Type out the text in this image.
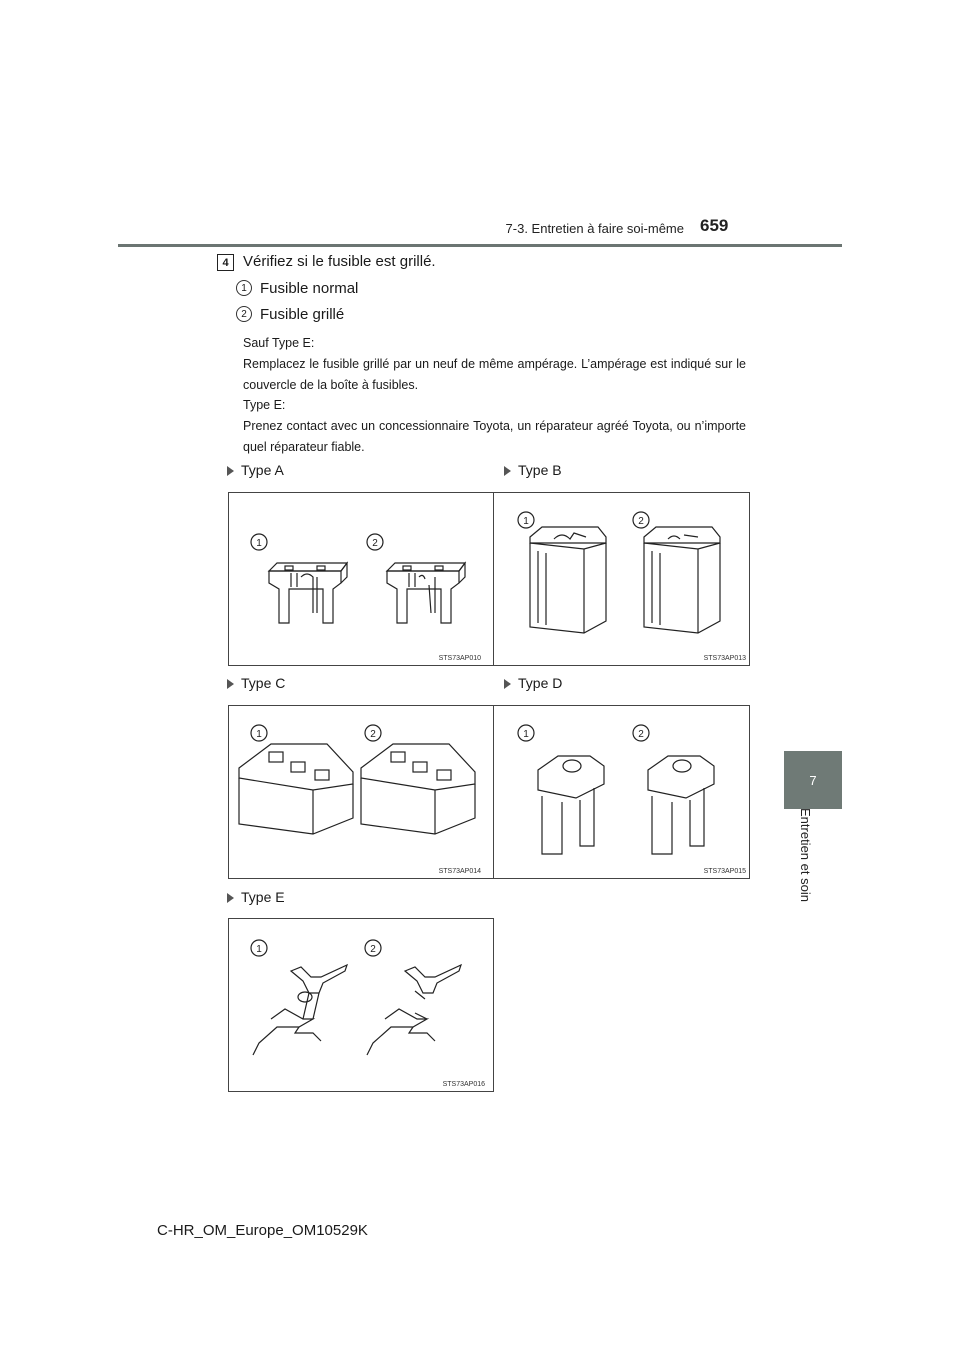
7-3. Entretien à faire soi-même 659
7
Entretien et soin
4 Vérifiez si le fusible est grillé.
1 Fusible normal
2 Fusible grillé
Sauf Type E:
Remplacez le fusible grillé par un neuf de même ampérage. L’ampérage est indiqué sur le couvercle de la boîte à fusibles.
Type E:
Prenez contact avec un concessionnaire Toyota, un réparateur agréé Toyota, ou n’importe quel réparateur fiable.
Type A	Type B
Type C	Type D
Type E
1	2
STS73AP010
1	2
STS73AP013
1	2
STS73AP014
1	2
STS73AP015
1	2
STS73AP016
C-HR_OM_Europe_OM10529K
